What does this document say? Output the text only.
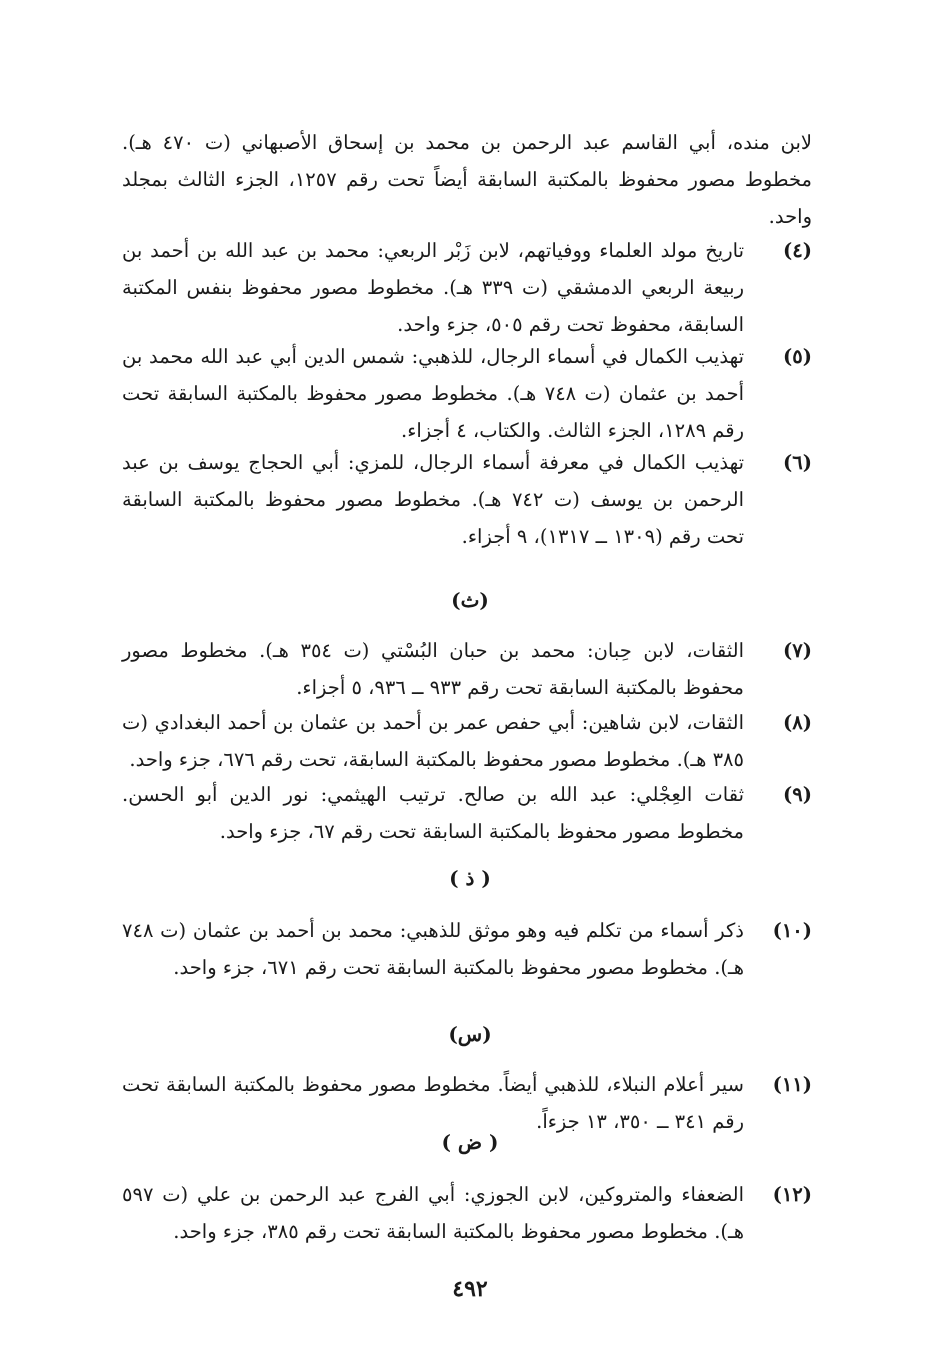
لابن منده، أبي القاسم عبد الرحمن بن محمد بن إسحاق الأصبهاني (ت ٤٧٠ هـ). مخطوط مصور محفوظ بالمكتبة السابقة أيضاً تحت رقم ١٢٥٧، الجزء الثالث بمجلد واحد.
(٤)
تاريخ مولد العلماء ووفياتهم، لابن زَبْر الربعي: محمد بن عبد الله بن أحمد بن ربيعة الربعي الدمشقي (ت ٣٣٩ هـ). مخطوط مصور محفوظ بنفس المكتبة السابقة، محفوظ تحت رقم ٥٠٥، جزء واحد.
(٥)
تهذيب الكمال في أسماء الرجال، للذهبي: شمس الدين أبي عبد الله محمد بن أحمد بن عثمان (ت ٧٤٨ هـ). مخطوط مصور محفوظ بالمكتبة السابقة تحت رقم ١٢٨٩، الجزء الثالث. والكتاب، ٤ أجزاء.
(٦)
تهذيب الكمال في معرفة أسماء الرجال، للمزي: أبي الحجاج يوسف بن عبد الرحمن بن يوسف (ت ٧٤٢ هـ). مخطوط مصور محفوظ بالمكتبة السابقة تحت رقم (١٣٠٩ ــ ١٣١٧)، ٩ أجزاء.
(ث)
(٧)
الثقات، لابن حِبان: محمد بن حبان البُسْتي (ت ٣٥٤ هـ). مخطوط مصور محفوظ بالمكتبة السابقة تحت رقم ٩٣٣ ــ ٩٣٦، ٥ أجزاء.
(٨)
الثقات، لابن شاهين: أبي حفص عمر بن أحمد بن عثمان بن أحمد البغدادي (ت ٣٨٥ هـ). مخطوط مصور محفوظ بالمكتبة السابقة، تحت رقم ٦٧٦، جزء واحد.
(٩)
ثقات العِجْلي: عبد الله بن صالح. ترتيب الهيثمي: نور الدين أبو الحسن. مخطوط مصور محفوظ بالمكتبة السابقة تحت رقم ٦٧، جزء واحد.
( ذ )
(١٠)
ذكر أسماء من تكلم فيه وهو موثق للذهبي: محمد بن أحمد بن عثمان (ت ٧٤٨ هـ). مخطوط مصور محفوظ بالمكتبة السابقة تحت رقم ٦٧١، جزء واحد.
(س)
(١١)
سير أعلام النبلاء، للذهبي أيضاً. مخطوط مصور محفوظ بالمكتبة السابقة تحت رقم ٣٤١ ــ ٣٥٠، ١٣ جزءاً.
( ض )
(١٢)
الضعفاء والمتروكين، لابن الجوزي: أبي الفرج عبد الرحمن بن علي (ت ٥٩٧ هـ). مخطوط مصور محفوظ بالمكتبة السابقة تحت رقم ٣٨٥، جزء واحد.
٤٩٢
